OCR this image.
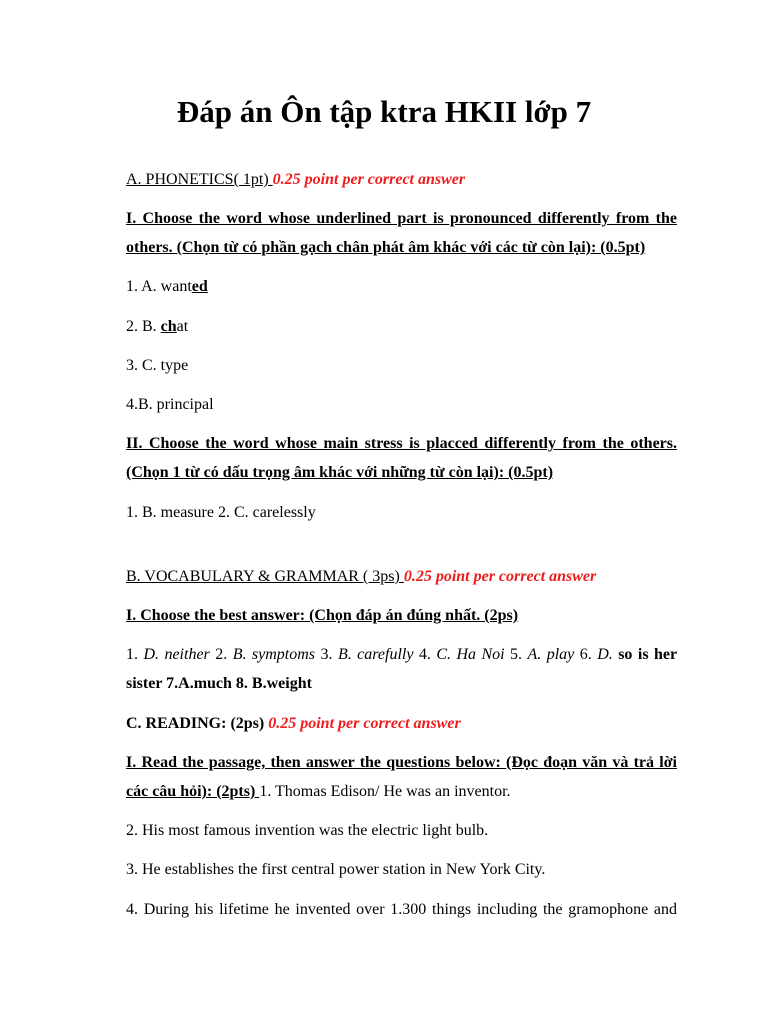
Đáp án Ôn tập ktra HKII lớp 7
A. PHONETICS( 1pt) 0.25 point per correct answer
I. Choose the word whose underlined part is pronounced differently from the
others. (Chọn từ có phần gạch chân phát âm khác với các từ còn lại): (0.5pt)
1. A. wanted
2. B. chat
3. C. type
4.B. principal
II. Choose the word whose main stress is placced differently from the others.
(Chọn 1 từ có dấu trọng âm khác với những từ còn lại): (0.5pt)
1. B. measure 2. C. carelessly
B. VOCABULARY & GRAMMAR ( 3ps) 0.25 point per correct answer
I. Choose the best answer: (Chọn đáp án đúng nhất. (2ps)
1. D. neither 2. B. symptoms 3. B. carefully 4. C. Ha Noi 5. A. play 6. D. so is her
sister 7.A.much 8. B.weight
C. READING: (2ps) 0.25 point per correct answer
I. Read the passage, then answer the questions below: (Đọc đoạn văn và trả lời
các câu hỏi): (2pts) 1. Thomas Edison/ He was an inventor.
2. His most famous invention was the electric light bulb.
3. He establishes the first central power station in New York City.
4. During his lifetime he invented over 1.300 things including the gramophone and
